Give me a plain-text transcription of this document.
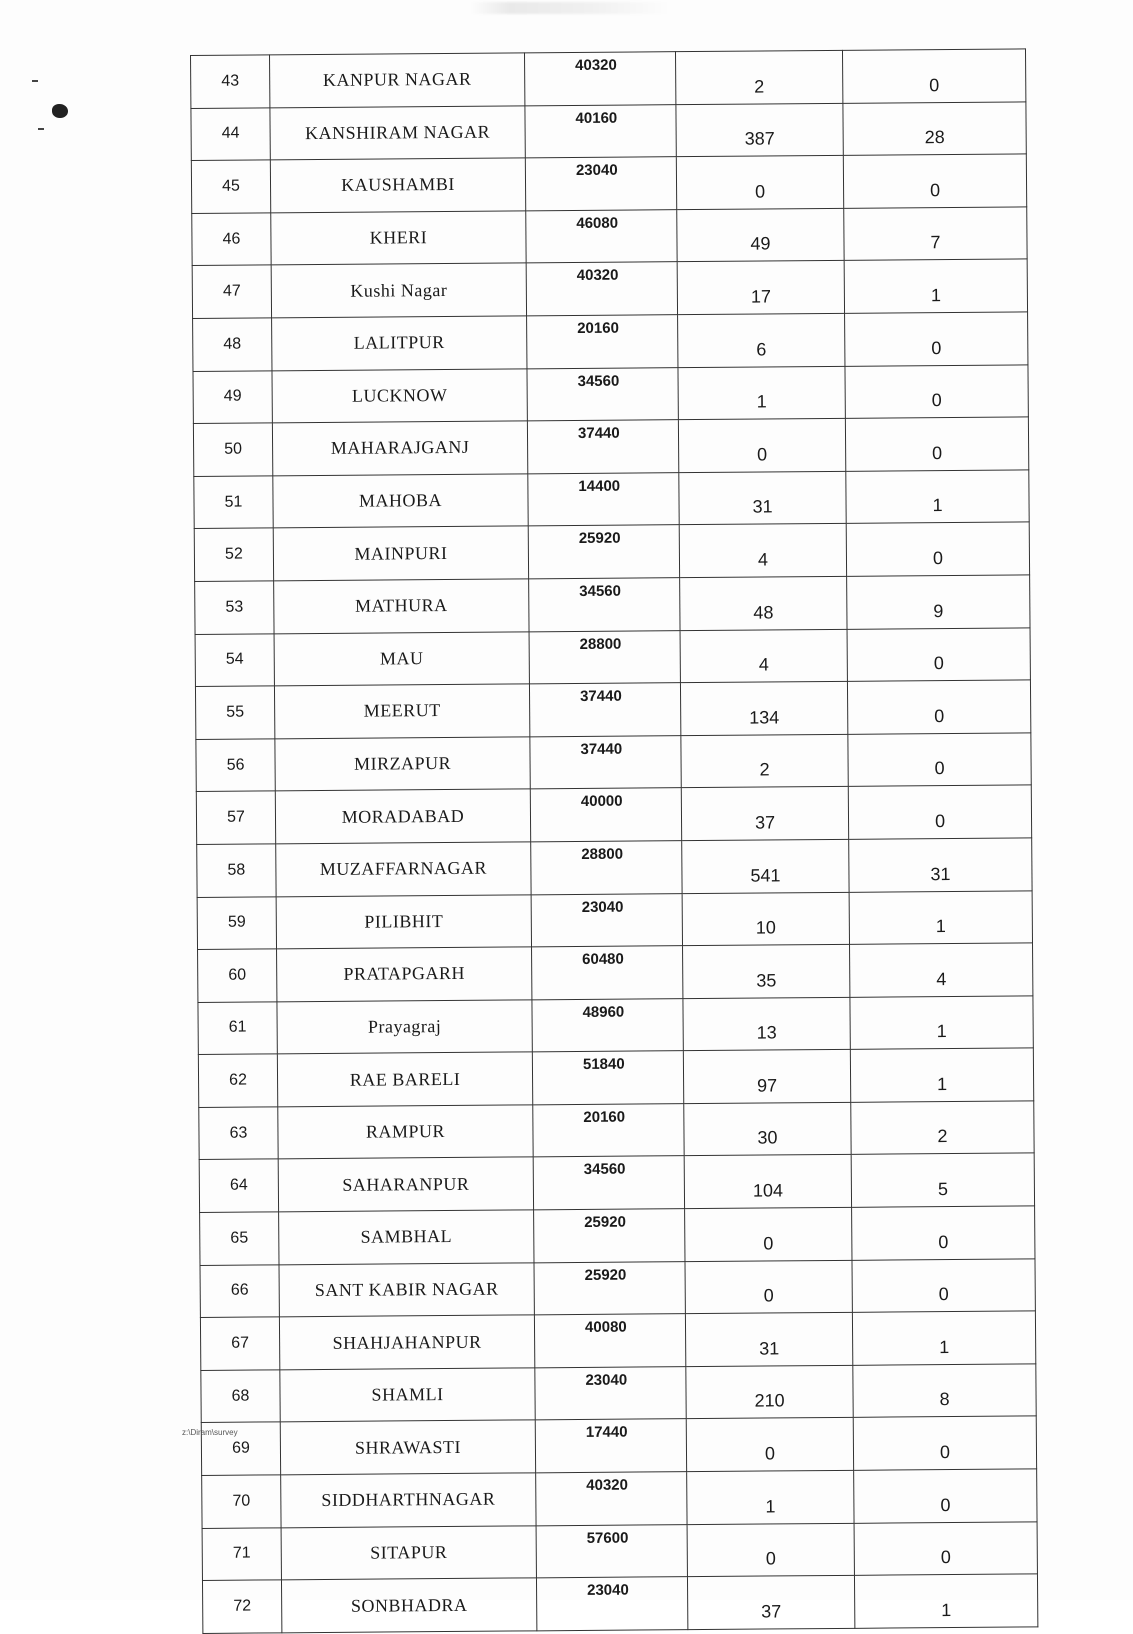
43	KANPUR NAGAR	40320	2	0
44	KANSHIRAM NAGAR	40160	387	28
45	KAUSHAMBI	23040	0	0
46	KHERI	46080	49	7
47	Kushi Nagar	40320	17	1
48	LALITPUR	20160	6	0
49	LUCKNOW	34560	1	0
50	MAHARAJGANJ	37440	0	0
51	MAHOBA	14400	31	1
52	MAINPURI	25920	4	0
53	MATHURA	34560	48	9
54	MAU	28800	4	0
55	MEERUT	37440	134	0
56	MIRZAPUR	37440	2	0
57	MORADABAD	40000	37	0
58	MUZAFFARNAGAR	28800	541	31
59	PILIBHIT	23040	10	1
60	PRATAPGARH	60480	35	4
61	Prayagraj	48960	13	1
62	RAE BARELI	51840	97	1
63	RAMPUR	20160	30	2
64	SAHARANPUR	34560	104	5
65	SAMBHAL	25920	0	0
66	SANT KABIR NAGAR	25920	0	0
67	SHAHJAHANPUR	40080	31	1
68	SHAMLI	23040	210	8
69	SHRAWASTI	17440	0	0
70	SIDDHARTHNAGAR	40320	1	0
71	SITAPUR	57600	0	0
72	SONBHADRA	23040	37	1
z:\Diram\survey
